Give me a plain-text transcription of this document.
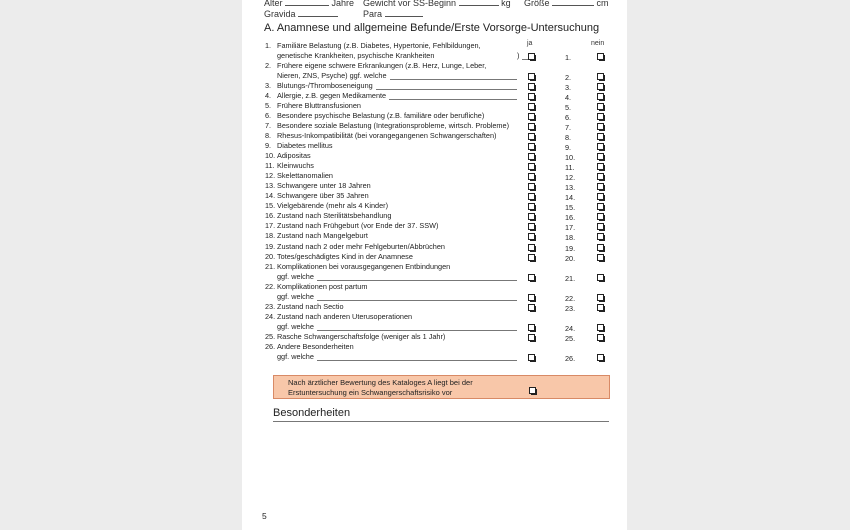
Alter	Jahre Gewicht vor SS-Beginn	kg Größe	cm
Gravida	Para
A. Anamnese und allgemeine Befunde/Erste Vorsorge-Untersuchung
ja	nein
1. Familiäre Belastung (z.B. Diabetes, Hypertonie, Fehlbildungen,
genetische Krankheiten, psychische Krankheiten	)	1.
2. Frühere eigene schwere Erkrankungen (z.B. Herz, Lunge, Leber,
Nieren, ZNS, Psyche) ggf. welche	2.
3. Blutungs-/Thromboseneigung	3.
4. Allergie, z.B. gegen Medikamente	4.
5. Frühere Bluttransfusionen	5.
6. Besondere psychische Belastung (z.B. familiäre oder berufliche)	6.
7. Besondere soziale Belastung (Integrationsprobleme, wirtsch. Probleme)	7.
8. Rhesus-Inkompatibilität (bei vorangegangenen Schwangerschaften)	8.
9. Diabetes mellitus	9.
10. Adipositas	10.
11. Kleinwuchs	11.
12. Skelettanomalien	12.
13. Schwangere unter 18 Jahren	13.
14. Schwangere über 35 Jahren	14.
15. Vielgebärende (mehr als 4 Kinder)	15.
16. Zustand nach Sterilitätsbehandlung	16.
17. Zustand nach Frühgeburt (vor Ende der 37. SSW)	17.
18. Zustand nach Mangelgeburt	18.
19. Zustand nach 2 oder mehr Fehlgeburten/Abbrüchen	19.
20. Totes/geschädigtes Kind in der Anamnese	20.
21. Komplikationen bei vorausgegangenen Entbindungen
ggf. welche	21.
22. Komplikationen post partum
ggf. welche	22.
23. Zustand nach Sectio	23.
24. Zustand nach anderen Uterusoperationen
ggf. welche	24.
25. Rasche Schwangerschaftsfolge (weniger als 1 Jahr)	25.
26. Andere Besonderheiten
ggf. welche	26.
Nach ärztlicher Bewertung des Kataloges A liegt bei der
Erstuntersuchung ein Schwangerschaftsrisiko vor
Besonderheiten
5
